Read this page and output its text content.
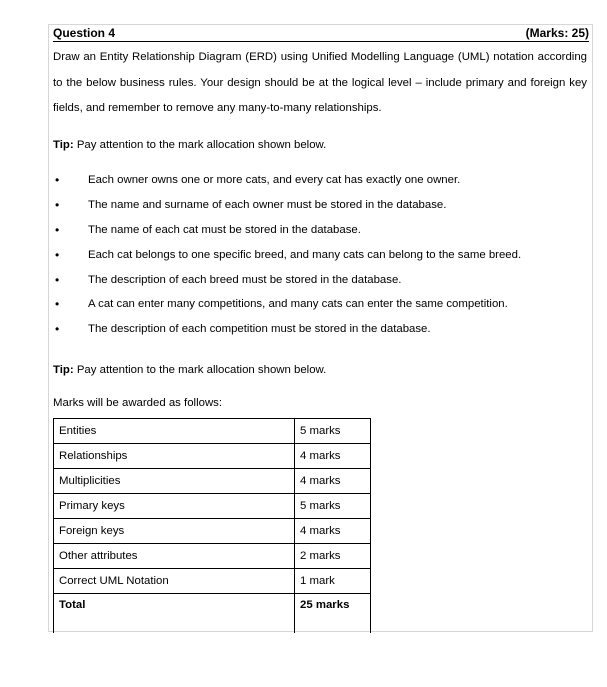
Question 4	(Marks: 25)

Draw an Entity Relationship Diagram (ERD) using Unified Modelling Language (UML) notation according to the below business rules. Your design should be at the logical level – include primary and foreign key fields, and remember to remove any many-to-many relationships.

Tip: Pay attention to the mark allocation shown below.

•	Each owner owns one or more cats, and every cat has exactly one owner.
•	The name and surname of each owner must be stored in the database.
•	The name of each cat must be stored in the database.
•	Each cat belongs to one specific breed, and many cats can belong to the same breed.
•	The description of each breed must be stored in the database.
•	A cat can enter many competitions, and many cats can enter the same competition.
•	The description of each competition must be stored in the database.

Tip: Pay attention to the mark allocation shown below.

Marks will be awarded as follows:

Entities	5 marks
Relationships	4 marks
Multiplicities	4 marks
Primary keys	5 marks
Foreign keys	4 marks
Other attributes	2 marks
Correct UML Notation	1 mark
Total	25 marks
